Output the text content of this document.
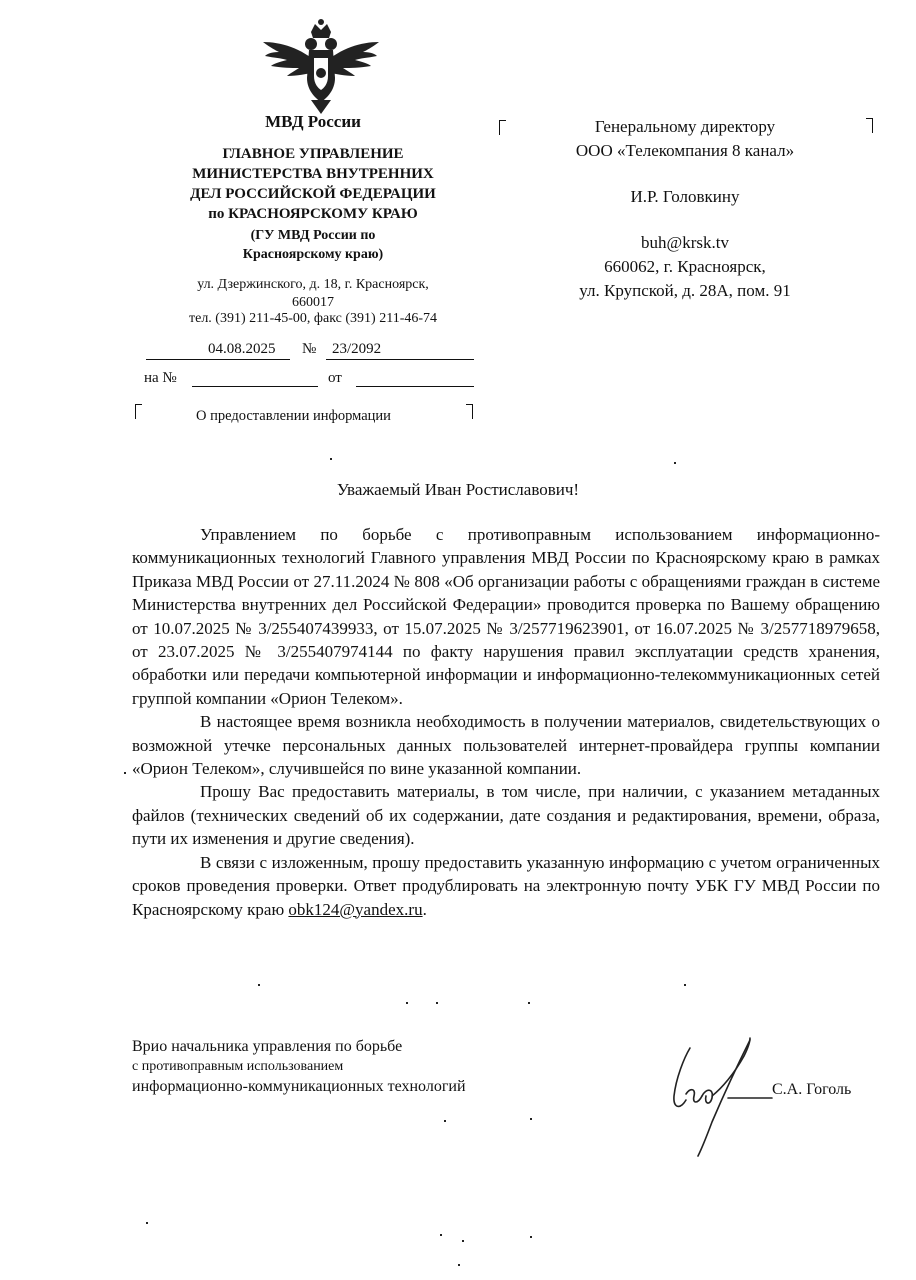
МВД России
ГЛАВНОЕ УПРАВЛЕНИЕ
МИНИСТЕРСТВА ВНУТРЕННИХ
ДЕЛ РОССИЙСКОЙ ФЕДЕРАЦИИ
по КРАСНОЯРСКОМУ КРАЮ
(ГУ МВД России по
Красноярскому краю)
ул. Дзержинского, д. 18, г. Красноярск,
660017
тел. (391) 211-45-00, факс (391) 211-46-74
04.08.2025 № 23/2092
на №	от
О предоставлении информации
Генеральному директору
ООО «Телекомпания 8 канал»
И.Р. Головкину
buh@krsk.tv
660062, г. Красноярск,
ул. Крупской, д. 28А, пом. 91
Уважаемый Иван Ростиславович!

Управлением по борьбе с противоправным использованием информационно-коммуникационных технологий Главного управления МВД России по Красноярскому краю в рамках Приказа МВД России от 27.11.2024 № 808 «Об организации работы с обращениями граждан в системе Министерства внутренних дел Российской Федерации» проводится проверка по Вашему обращению от 10.07.2025 № 3/255407439933, от 15.07.2025 № 3/257719623901, от 16.07.2025 № 3/257718979658, от 23.07.2025 № 3/255407974144 по факту нарушения правил эксплуатации средств хранения, обработки или передачи компьютерной информации и информационно-телекоммуникационных сетей группой компании «Орион Телеком».

В настоящее время возникла необходимость в получении материалов, свидетельствующих о возможной утечке персональных данных пользователей интернет-провайдера группы компании «Орион Телеком», случившейся по вине указанной компании.

Прошу Вас предоставить материалы, в том числе, при наличии, с указанием метаданных файлов (технических сведений об их содержании, дате создания и редактирования, времени, образа, пути их изменения и другие сведения).

В связи с изложенным, прошу предоставить указанную информацию с учетом ограниченных сроков проведения проверки. Ответ продублировать на электронную почту УБК ГУ МВД России по Красноярскому краю obk124@yandex.ru.

Врио начальника управления по борьбе
с противоправным использованием
информационно-коммуникационных технологий	С.А. Гоголь
